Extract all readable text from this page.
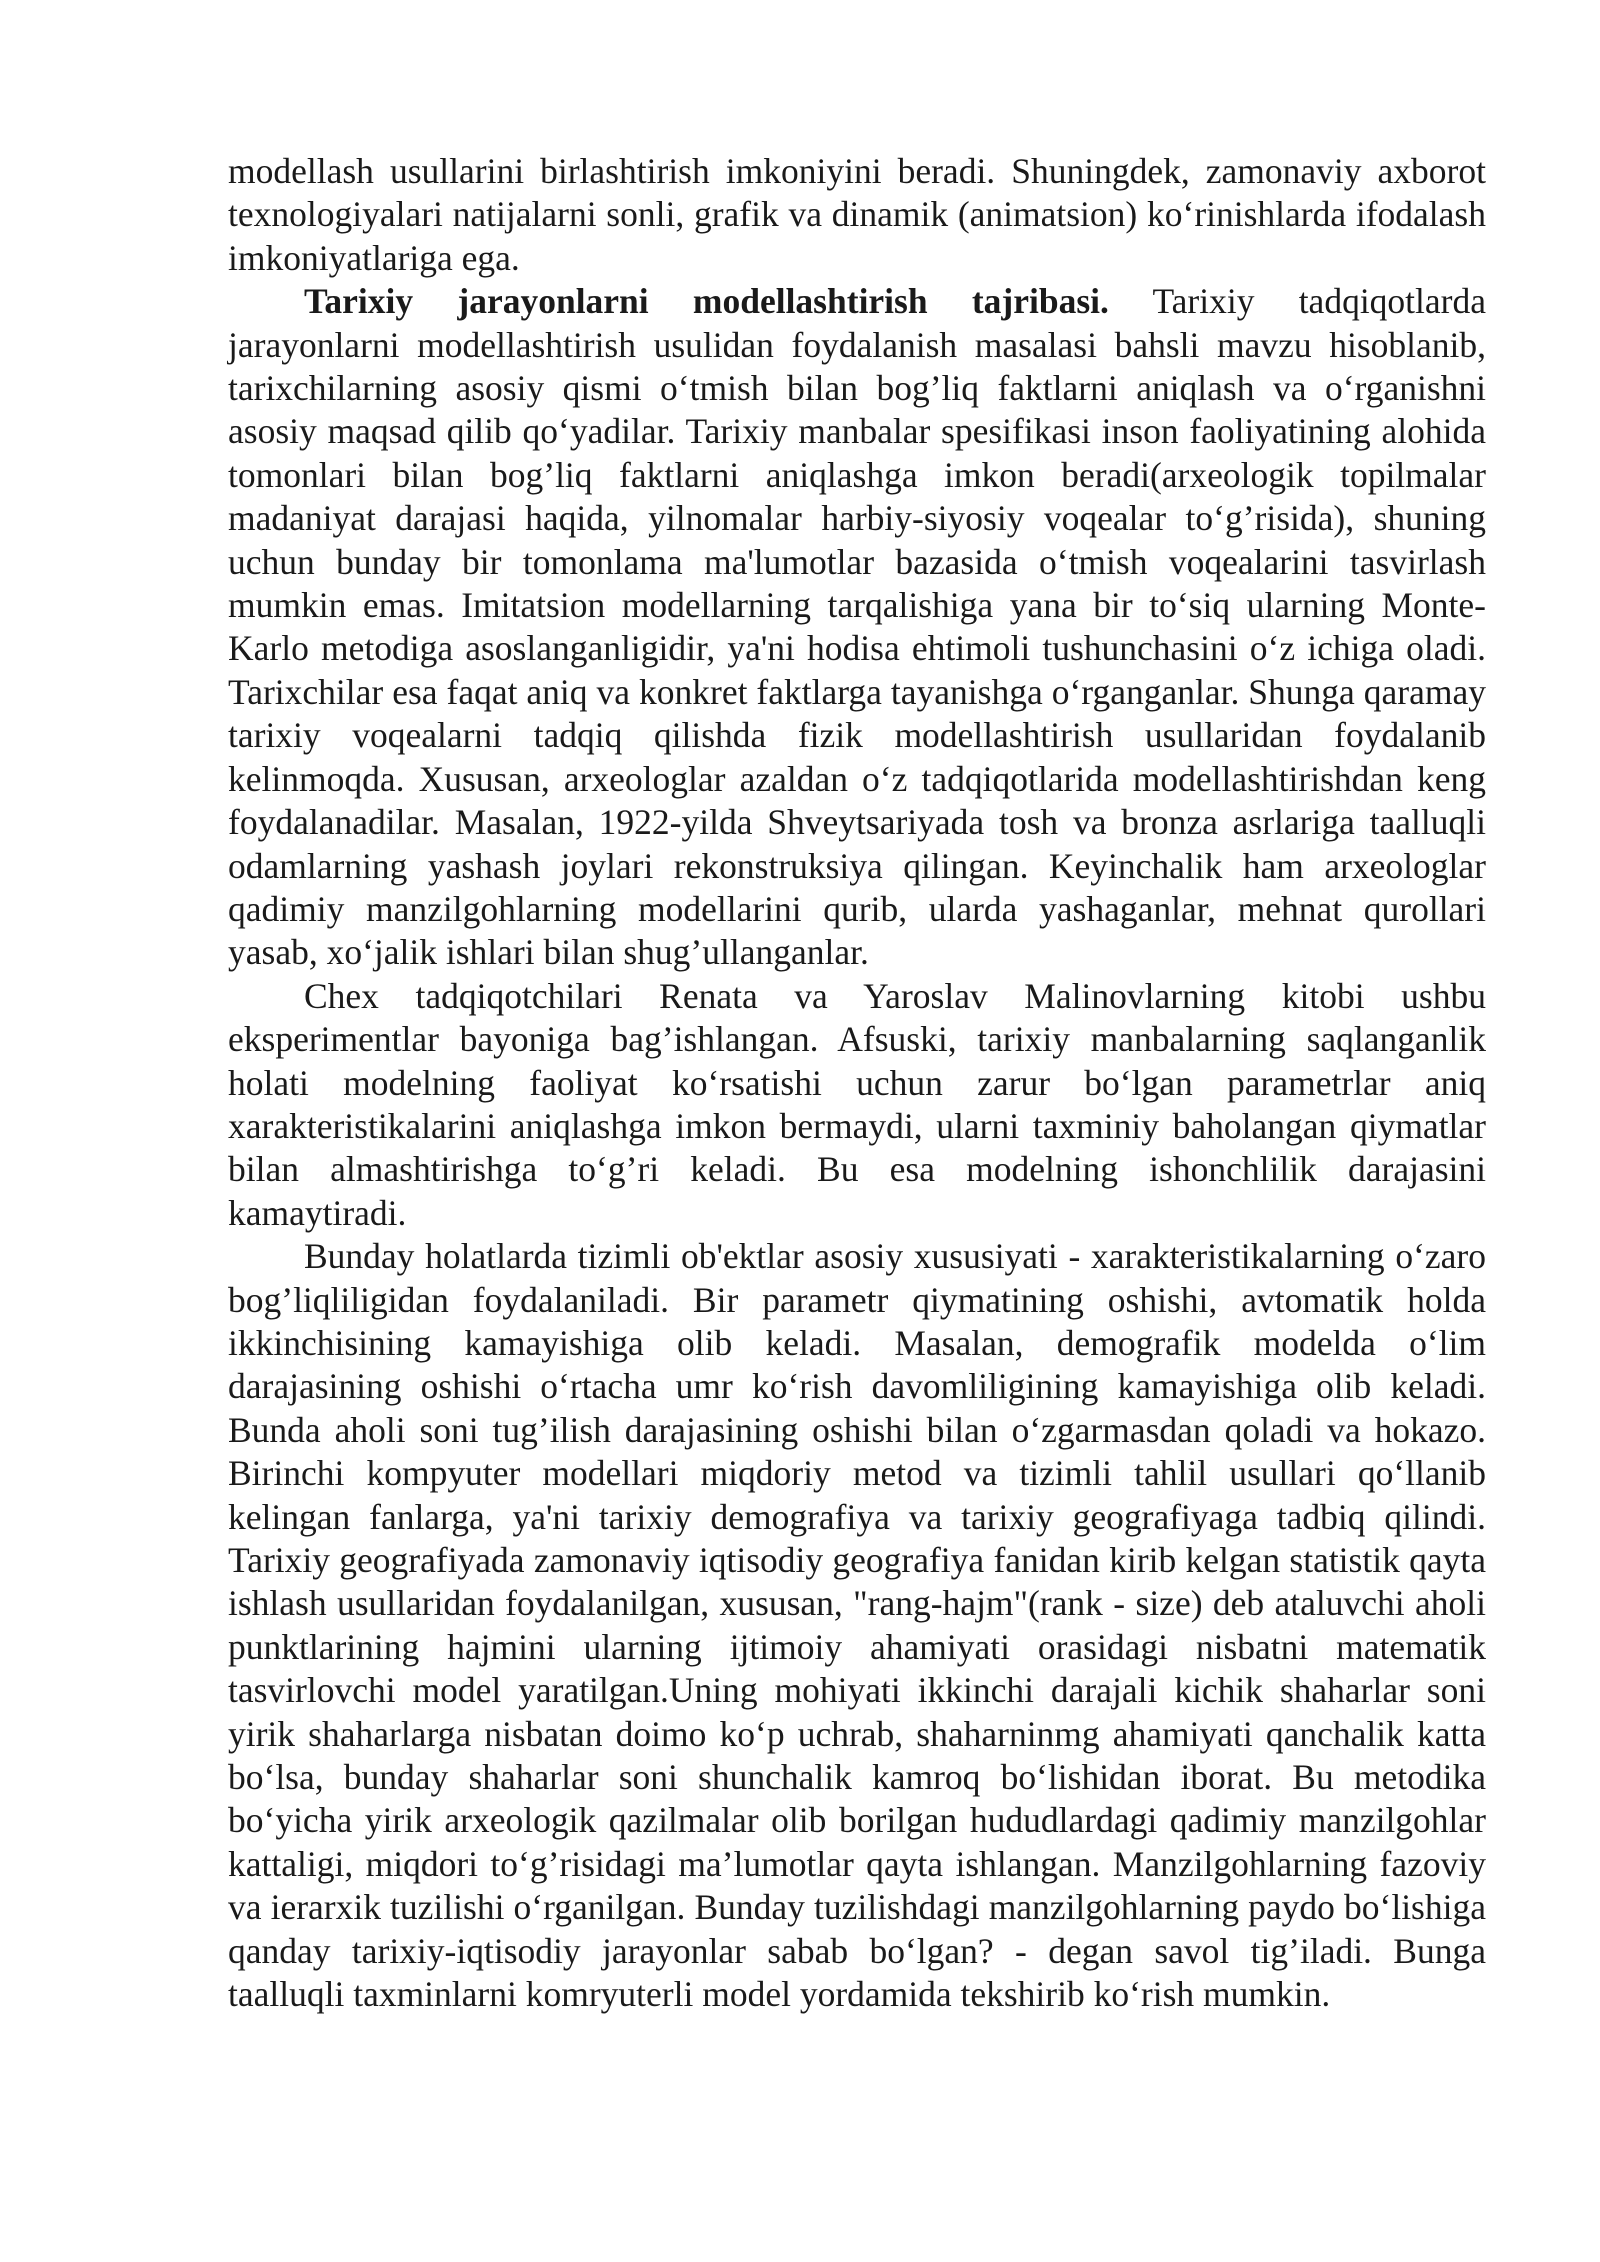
modellash usullarini birlashtirish imkoniyini beradi. Shuningdek, zamonaviy axborot texnologiyalari natijalarni sonli, grafik va dinamik (animatsion) koʻrinishlarda ifodalash imkoniyatlariga ega.

Tarixiy jarayonlarni modellashtirish tajribasi. Tarixiy tadqiqotlarda jarayonlarni modellashtirish usulidan foydalanish masalasi bahsli mavzu hisoblanib, tarixchilarning asosiy qismi oʻtmish bilan bog’liq faktlarni aniqlash va oʻrganishni asosiy maqsad qilib qoʻyadilar. Tarixiy manbalar spesifikasi inson faoliyatining alohida tomonlari bilan bog’liq faktlarni aniqlashga imkon beradi(arxeologik topilmalar madaniyat darajasi haqida, yilnomalar harbiy-siyosiy voqealar toʻg’risida), shuning uchun bunday bir tomonlama ma'lumotlar bazasida oʻtmish voqealarini tasvirlash mumkin emas. Imitatsion modellarning tarqalishiga yana bir toʻsiq ularning Monte-Karlo metodiga asoslanganligidir, ya'ni hodisa ehtimoli tushunchasini oʻz ichiga oladi. Tarixchilar esa faqat aniq va konkret faktlarga tayanishga oʻrganganlar. Shunga qaramay tarixiy voqealarni tadqiq qilishda fizik modellashtirish usullaridan foydalanib kelinmoqda. Xususan, arxeologlar azaldan oʻz tadqiqotlarida modellashtirishdan keng foydalanadilar. Masalan, 1922-yilda Shveytsariyada tosh va bronza asrlariga taalluqli odamlarning yashash joylari rekonstruksiya qilingan. Keyinchalik ham arxeologlar qadimiy manzilgohlarning modellarini qurib, ularda yashaganlar, mehnat qurollari yasab, xoʻjalik ishlari bilan shug’ullanganlar.

Chex tadqiqotchilari Renata va Yaroslav Malinovlarning kitobi ushbu eksperimentlar bayoniga bag’ishlangan. Afsuski, tarixiy manbalarning saqlanganlik holati modelning faoliyat koʻrsatishi uchun zarur boʻlgan parametrlar aniq xarakteristikalarini aniqlashga imkon bermaydi, ularni taxminiy baholangan qiymatlar bilan almashtirishga toʻg’ri keladi. Bu esa modelning ishonchlilik darajasini kamaytiradi.

Bunday holatlarda tizimli ob'ektlar asosiy xususiyati - xarakteristikalarning oʻzaro bog’liqliligidan foydalaniladi. Bir parametr qiymatining oshishi, avtomatik holda ikkinchisining kamayishiga olib keladi. Masalan, demografik modelda oʻlim darajasining oshishi oʻrtacha umr koʻrish davomliligining kamayishiga olib keladi. Bunda aholi soni tug’ilish darajasining oshishi bilan oʻzgarmasdan qoladi va hokazo. Birinchi kompyuter modellari miqdoriy metod va tizimli tahlil usullari qoʻllanib kelingan fanlarga, ya'ni tarixiy demografiya va tarixiy geografiyaga tadbiq qilindi. Tarixiy geografiyada zamonaviy iqtisodiy geografiya fanidan kirib kelgan statistik qayta ishlash usullaridan foydalanilgan, xususan, "rang-hajm"(rank - size) deb ataluvchi aholi punktlarining hajmini ularning ijtimoiy ahamiyati orasidagi nisbatni matematik tasvirlovchi model yaratilgan.Uning mohiyati ikkinchi darajali kichik shaharlar soni yirik shaharlarga nisbatan doimo koʻp uchrab, shaharninmg ahamiyati qanchalik katta boʻlsa, bunday shaharlar soni shunchalik kamroq boʻlishidan iborat. Bu metodika boʻyicha yirik arxeologik qazilmalar olib borilgan hududlardagi qadimiy manzilgohlar kattaligi, miqdori toʻg’risidagi ma’lumotlar qayta ishlangan. Manzilgohlarning fazoviy va ierarxik tuzilishi oʻrganilgan. Bunday tuzilishdagi manzilgohlarning paydo boʻlishiga qanday tarixiy-iqtisodiy jarayonlar sabab boʻlgan? - degan savol tig’iladi. Bunga taalluqli taxminlarni komryuterli model yordamida tekshirib koʻrish mumkin.
